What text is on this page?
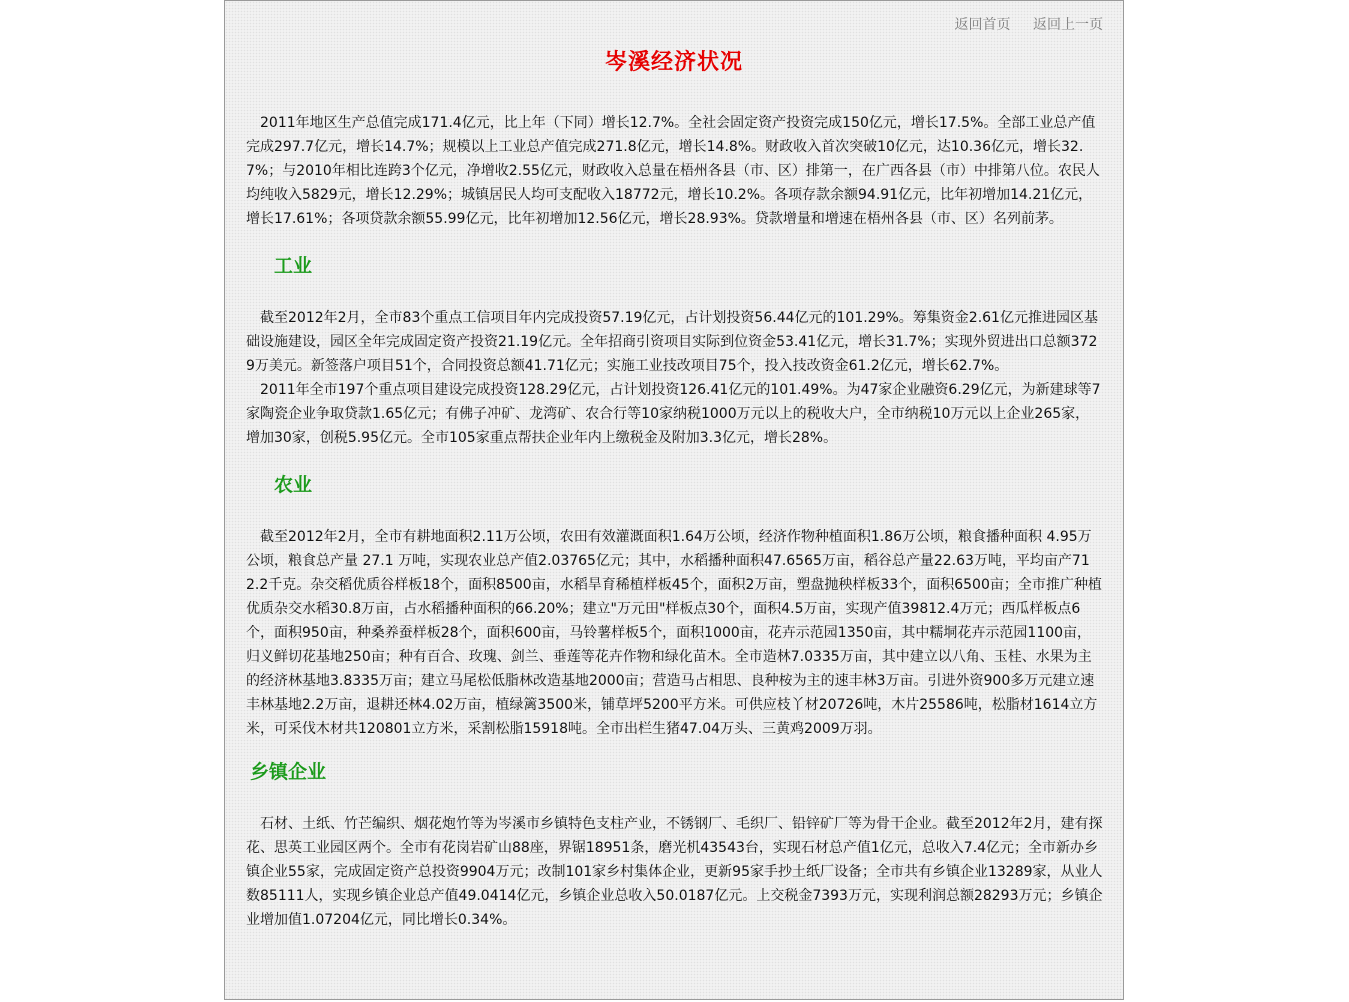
返回首页 返回上一页
岑溪经济状况

2011年地区生产总值完成171.4亿元，比上年（下同）增长12.7%。全社会固定资产投资完成150亿元，增长17.5%。全部工业总产值完成297.7亿元，增长14.7%；规模以上工业总产值完成271.8亿元，增长14.8%。财政收入首次突破10亿元，达10.36亿元，增长32.7%；与2010年相比连跨3个亿元，净增收2.55亿元，财政收入总量在梧州各县（市、区）排第一，在广西各县（市）中排第八位。农民人均纯收入5829元，增长12.29%；城镇居民人均可支配收入18772元，增长10.2%。各项存款余额94.91亿元，比年初增加14.21亿元，增长17.61%；各项贷款余额55.99亿元，比年初增加12.56亿元，增长28.93%。贷款增量和增速在梧州各县（市、区）名列前茅。

工业

截至2012年2月，全市83个重点工信项目年内完成投资57.19亿元，占计划投资56.44亿元的101.29%。筹集资金2.61亿元推进园区基础设施建设，园区全年完成固定资产投资21.19亿元。全年招商引资项目实际到位资金53.41亿元，增长31.7%；实现外贸进出口总额3729万美元。新签落户项目51个，合同投资总额41.71亿元；实施工业技改项目75个，投入技改资金61.2亿元，增长62.7%。

2011年全市197个重点项目建设完成投资128.29亿元，占计划投资126.41亿元的101.49%。为47家企业融资6.29亿元，为新建球等7家陶瓷企业争取贷款1.65亿元；有佛子冲矿、龙湾矿、农合行等10家纳税1000万元以上的税收大户，全市纳税10万元以上企业265家，增加30家，创税5.95亿元。全市105家重点帮扶企业年内上缴税金及附加3.3亿元，增长28%。

农业

截至2012年2月，全市有耕地面积2.11万公顷，农田有效灌溉面积1.64万公顷，经济作物种植面积1.86万公顷，粮食播种面积 4.95万公顷，粮食总产量 27.1 万吨，实现农业总产值2.03765亿元；其中，水稻播种面积47.6565万亩，稻谷总产量22.63万吨，平均亩产712.2千克。杂交稻优质谷样板18个，面积8500亩，水稻旱育稀植样板45个，面积2万亩，塑盘抛秧样板33个，面积6500亩；全市推广种植优质杂交水稻30.8万亩，占水稻播种面积的66.20%；建立"万元田"样板点30个，面积4.5万亩，实现产值39812.4万元；西瓜样板点6个，面积950亩，种桑养蚕样板28个，面积600亩，马铃薯样板5个，面积1000亩，花卉示范园1350亩，其中糯垌花卉示范园1100亩，归义鲜切花基地250亩；种有百合、玫瑰、剑兰、垂莲等花卉作物和绿化苗木。全市造林7.0335万亩，其中建立以八角、玉桂、水果为主的经济林基地3.8335万亩；建立马尾松低脂林改造基地2000亩；营造马占相思、良种桉为主的速丰林3万亩。引进外资900多万元建立速丰林基地2.2万亩，退耕还林4.02万亩，植绿篱3500米，铺草坪5200平方米。可供应枝丫材20726吨，木片25586吨，松脂材1614立方米，可采伐木材共120801立方米，采割松脂15918吨。全市出栏生猪47.04万头、三黄鸡2009万羽。

乡镇企业

石材、土纸、竹芒编织、烟花炮竹等为岑溪市乡镇特色支柱产业，不锈钢厂、毛织厂、铅锌矿厂等为骨干企业。截至2012年2月，建有探花、思英工业园区两个。全市有花岗岩矿山88座，界锯18951条，磨光机43543台，实现石材总产值1亿元，总收入7.4亿元；全市新办乡镇企业55家，完成固定资产总投资9904万元；改制101家乡村集体企业，更新95家手抄土纸厂设备；全市共有乡镇企业13289家，从业人数85111人，实现乡镇企业总产值49.0414亿元，乡镇企业总收入50.0187亿元。上交税金7393万元，实现利润总额28293万元；乡镇企业增加值1.07204亿元，同比增长0.34%。
